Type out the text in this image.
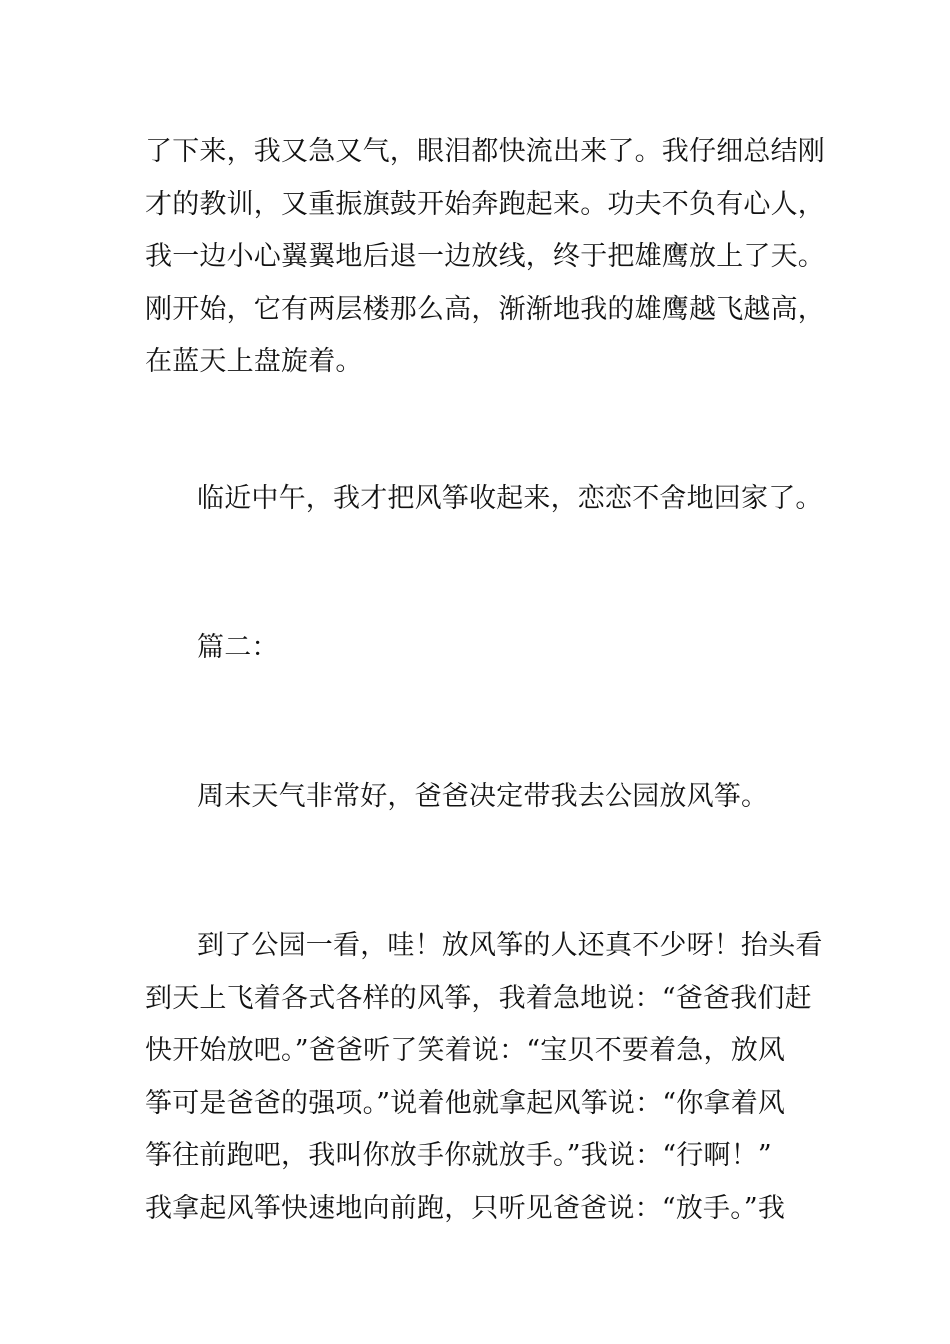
了下来，我又急又气，眼泪都快流出来了。我仔细总结刚
才的教训，又重振旗鼓开始奔跑起来。功夫不负有心人，
我一边小心翼翼地后退一边放线，终于把雄鹰放上了天。
刚开始，它有两层楼那么高，渐渐地我的雄鹰越飞越高，
在蓝天上盘旋着。
临近中午，我才把风筝收起来，恋恋不舍地回家了。
篇二：
周末天气非常好，爸爸决定带我去公园放风筝。
到了公园一看，哇！放风筝的人还真不少呀！抬头看
到天上飞着各式各样的风筝，我着急地说：“爸爸我们赶
快开始放吧。”爸爸听了笑着说：“宝贝不要着急，放风
筝可是爸爸的强项。”说着他就拿起风筝说：“你拿着风
筝往前跑吧，我叫你放手你就放手。”我说：“行啊！”
我拿起风筝快速地向前跑，只听见爸爸说：“放手。”我
